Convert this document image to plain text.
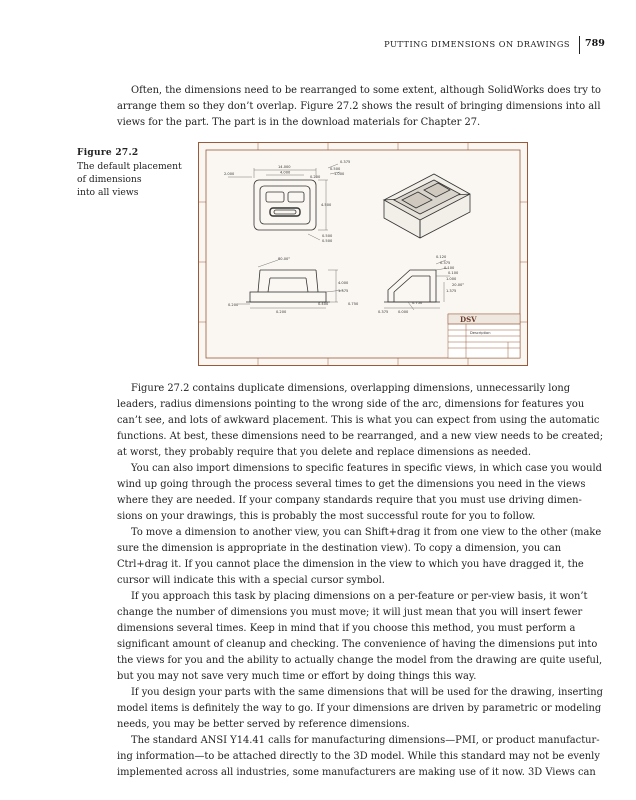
PUTTING DIMENSIONS ON DRAWINGS 789

Often, the dimensions need to be rearranged to some extent, although SolidWorks does try to
arrange them so they don’t overlap. Figure 27.2 shows the result of bringing dimensions into all
views for the part. The part is in the download materials for Chapter 27.

Figure 27.2
The default placement
of dimensions
into all views
14.000
4.000
2.000
0.375
0.500
1.000
0.200
4.500
0.500
0.500
80.00°
4.000
1.375
0.200	0.400	0.750
0.200
0.120
0.375
0.100
0.100
1.000
20.00°
1.375
0.750
0.375	0.000
DSV
Description

Figure 27.2 contains duplicate dimensions, overlapping dimensions, unnecessarily long
leaders, radius dimensions pointing to the wrong side of the arc, dimensions for features you
can’t see, and lots of awkward placement. This is what you can expect from using the automatic
functions. At best, these dimensions need to be rearranged, and a new view needs to be created;
at worst, they probably require that you delete and replace dimensions as needed.

You can also import dimensions to specific features in specific views, in which case you would
wind up going through the process several times to get the dimensions you need in the views
where they are needed. If your company standards require that you must use driving dimen-
sions on your drawings, this is probably the most successful route for you to follow.

To move a dimension to another view, you can Shift+drag it from one view to the other (make
sure the dimension is appropriate in the destination view). To copy a dimension, you can
Ctrl+drag it. If you cannot place the dimension in the view to which you have dragged it, the
cursor will indicate this with a special cursor symbol.

If you approach this task by placing dimensions on a per-feature or per-view basis, it won’t
change the number of dimensions you must move; it will just mean that you will insert fewer
dimensions several times. Keep in mind that if you choose this method, you must perform a
significant amount of cleanup and checking. The convenience of having the dimensions put into
the views for you and the ability to actually change the model from the drawing are quite useful,
but you may not save very much time or effort by doing things this way.

If you design your parts with the same dimensions that will be used for the drawing, inserting
model items is definitely the way to go. If your dimensions are driven by parametric or modeling
needs, you may be better served by reference dimensions.

The standard ANSI Y14.41 calls for manufacturing dimensions—PMI, or product manufactur-
ing information—to be attached directly to the 3D model. While this standard may not be evenly
implemented across all industries, some manufacturers are making use of it now. 3D Views can
